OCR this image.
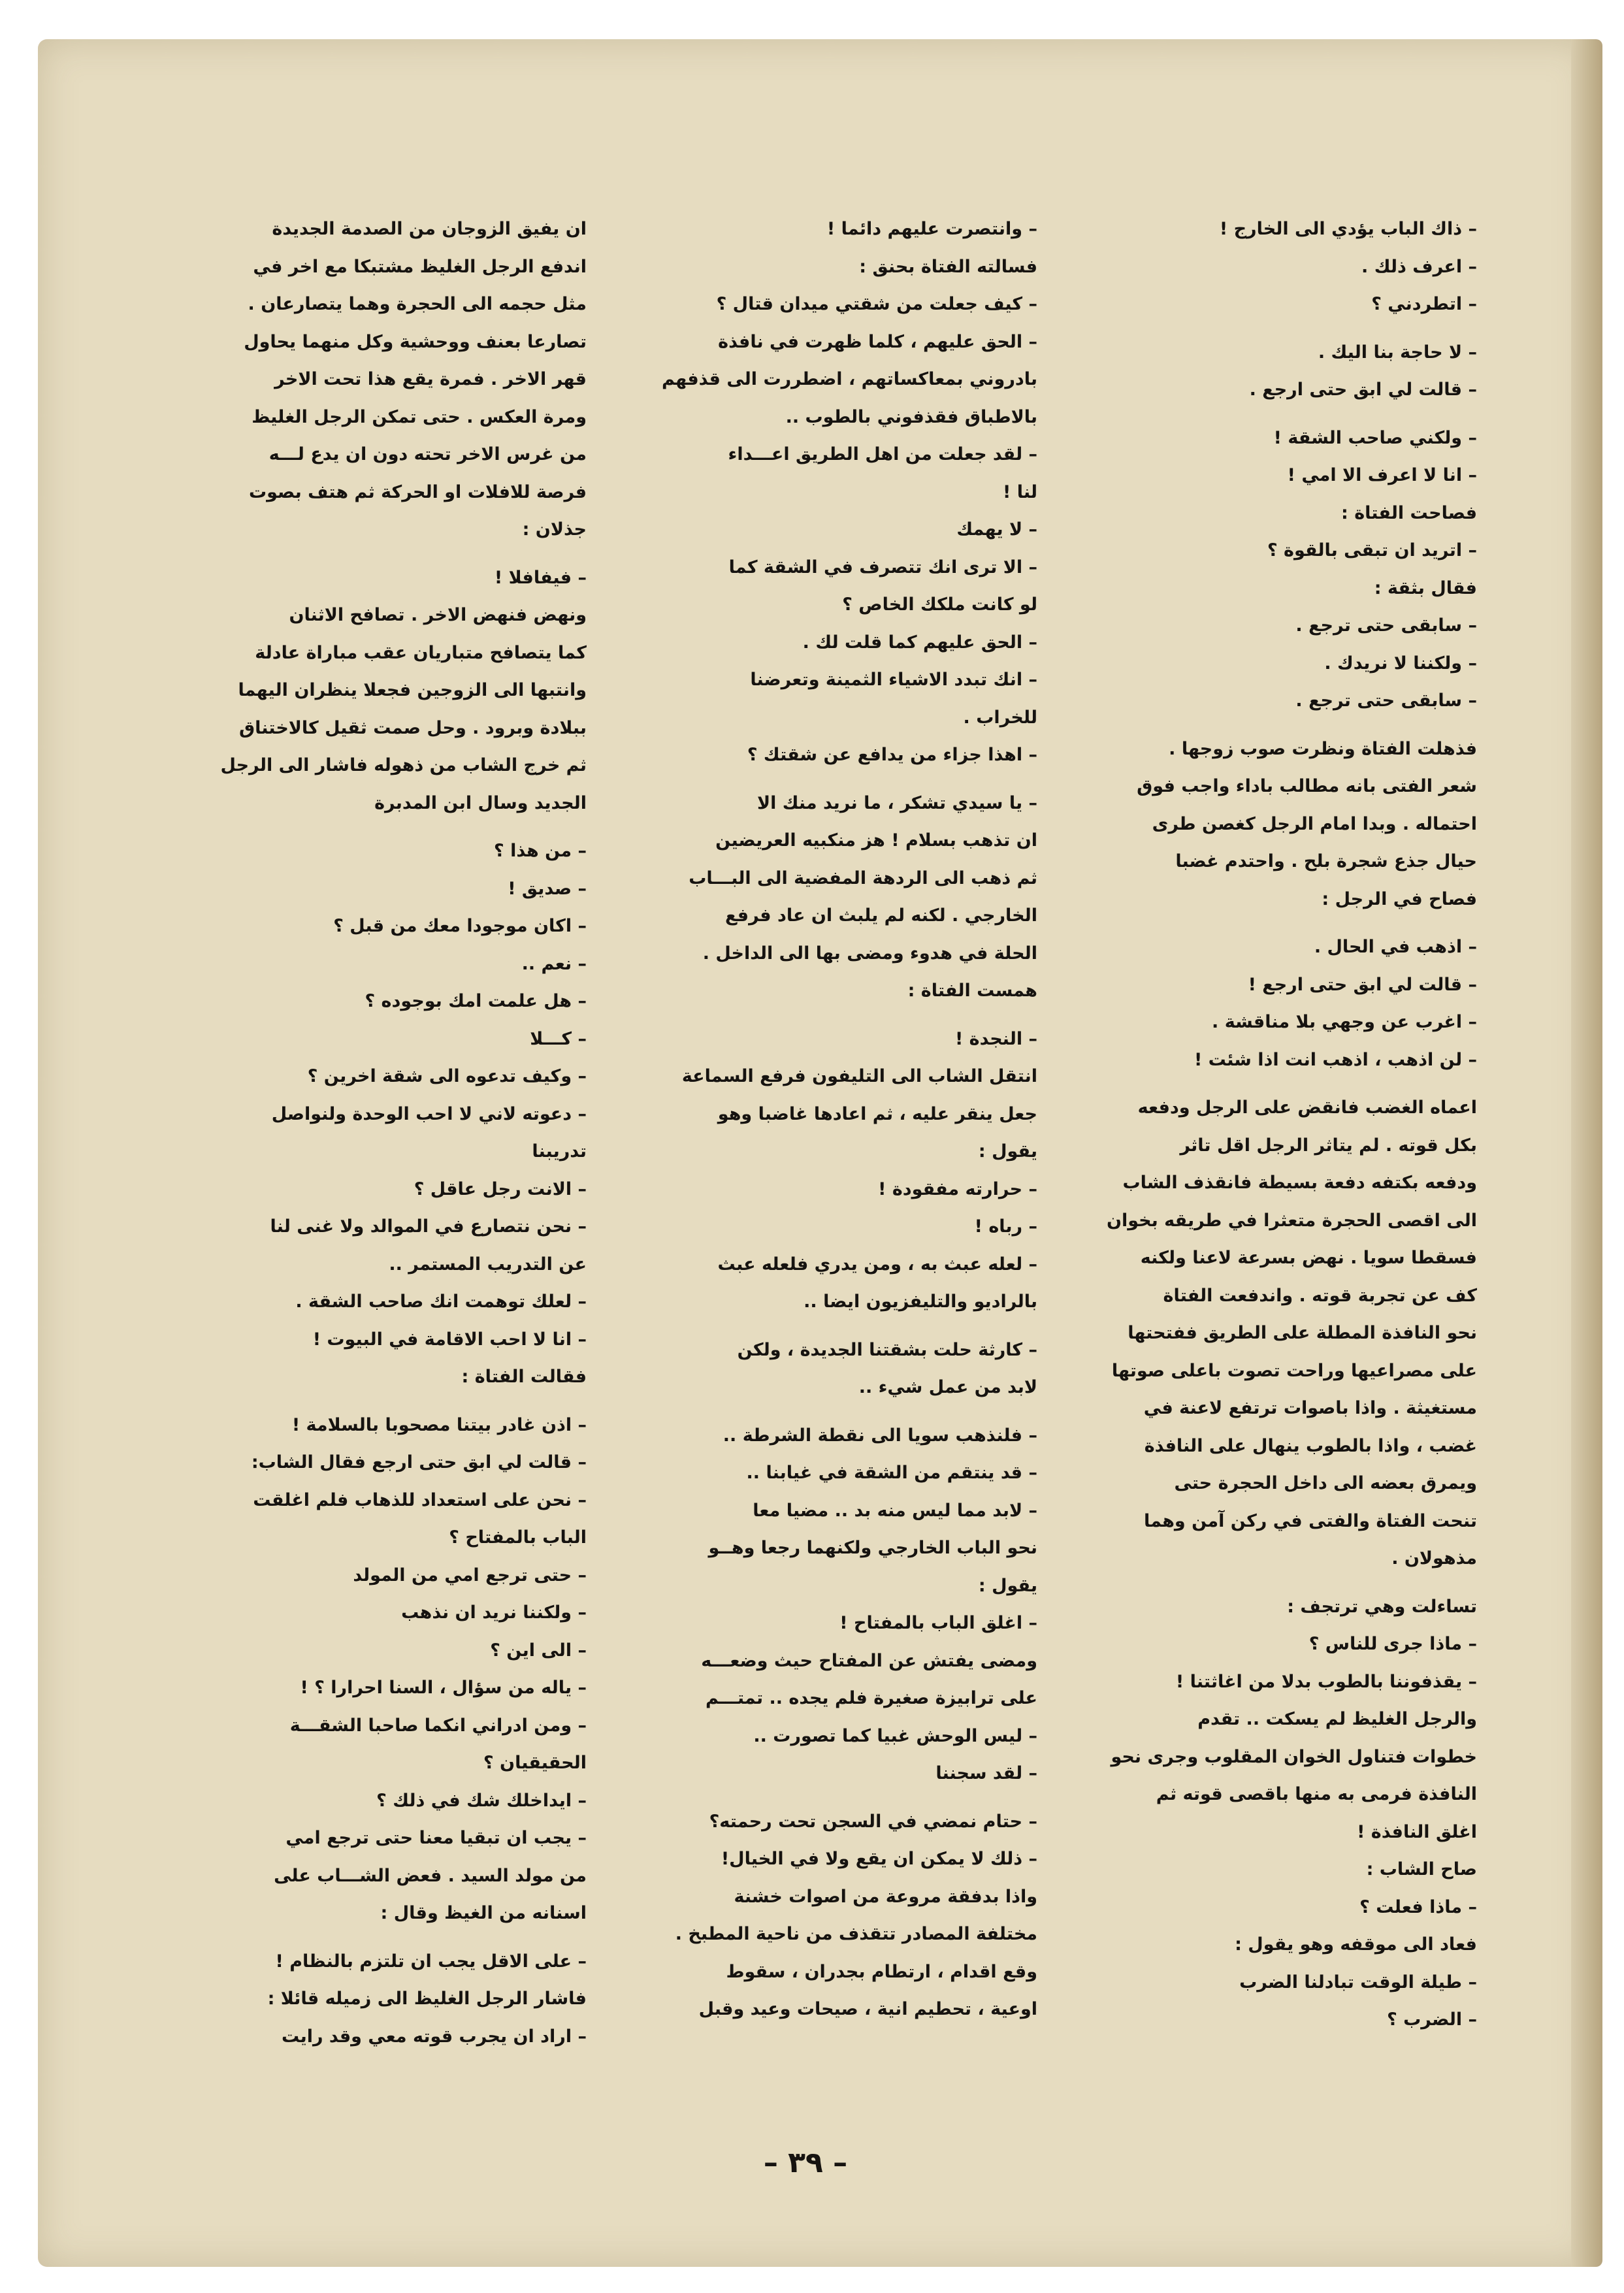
– ذاك الباب يؤدي الى الخارج !
– اعرف ذلك .
– اتطردني ؟
– لا حاجة بنا اليك .
– قالت لي ابق حتى ارجع .
– ولكني صاحب الشقة !
– انا لا اعرف الا امي !
فصاحت الفتاة :
– اتريد ان تبقى بالقوة ؟
فقال بثقة :
– سابقى حتى ترجع .
– ولكننا لا نريدك .
– سابقى حتى ترجع .
فذهلت الفتاة ونظرت صوب زوجها .
شعر الفتى بانه مطالب باداء واجب فوق
احتماله . وبدا امام الرجل كغصن طرى
حيال جذع شجرة بلح . واحتدم غضبا
فصاح في الرجل :
– اذهب في الحال .
– قالت لي ابق حتى ارجع !
– اغرب عن وجهي بلا مناقشة .
– لن اذهب ، اذهب انت اذا شئت !
اعماه الغضب فانقض على الرجل ودفعه
بكل قوته . لم يتاثر الرجل اقل تاثر
ودفعه بكتفه دفعة بسيطة فانقذف الشاب
الى اقصى الحجرة متعثرا في طريقه بخوان
فسقطا سويا . نهض بسرعة لاعنا ولكنه
كف عن تجربة قوته . واندفعت الفتاة
نحو النافذة المطلة على الطريق ففتحتها
على مصراعيها وراحت تصوت باعلى صوتها
مستغيثة . واذا باصوات ترتفع لاعنة في
غضب ، واذا بالطوب ينهال على النافذة
ويمرق بعضه الى داخل الحجرة حتى
تنحت الفتاة والفتى في ركن آمن وهما
مذهولان .
تساءلت وهي ترتجف :
– ماذا جرى للناس ؟
– يقذفوننا بالطوب بدلا من اغاثتنا !
والرجل الغليظ لم يسكت .. تقدم
خطوات فتناول الخوان المقلوب وجرى نحو
النافذة فرمى به منها باقصى قوته ثم
اغلق النافذة !
صاح الشاب :
– ماذا فعلت ؟
فعاد الى موقفه وهو يقول :
– طيلة الوقت تبادلنا الضرب
– الضرب ؟
– وانتصرت عليهم دائما !
فسالته الفتاة بحنق :
– كيف جعلت من شقتي ميدان قتال ؟
– الحق عليهم ، كلما ظهرت في نافذة
بادروني بمعاكساتهم ، اضطررت الى قذفهم
بالاطباق فقذفوني بالطوب ..
– لقد جعلت من اهل الطريق اعـــداء
لنا !
– لا يهمك
– الا ترى انك تتصرف في الشقة كما
لو كانت ملكك الخاص ؟
– الحق عليهم كما قلت لك .
– انك تبدد الاشياء الثمينة وتعرضنا
للخراب .
– اهذا جزاء من يدافع عن شقتك ؟
– يا سيدي تشكر ، ما نريد منك الا
ان تذهب بسلام ! هز منكبيه العريضين
ثم ذهب الى الردهة المفضية الى البـــاب
الخارجي . لكنه لم يلبث ان عاد فرفع
الحلة في هدوء ومضى بها الى الداخل .
همست الفتاة :
– النجدة !
انتقل الشاب الى التليفون فرفع السماعة
جعل ينقر عليه ، ثم اعادها غاضبا وهو
يقول :
– حرارته مفقودة !
– رباه !
– لعله عبث به ، ومن يدري فلعله عبث
بالراديو والتليفزيون ايضا ..
– كارثة حلت بشقتنا الجديدة ، ولكن
لابد من عمل شيء ..
– فلنذهب سويا الى نقطة الشرطة ..
– قد ينتقم من الشقة في غيابنا ..
– لابد مما ليس منه بد .. مضيا معا
نحو الباب الخارجي ولكنهما رجعا وهــو
يقول :
– اغلق الباب بالمفتاح !
ومضى يفتش عن المفتاح حيث وضعـــه
على ترابيزة صغيرة فلم يجده .. تمتـــم
– ليس الوحش غبيا كما تصورت ..
– لقد سجننا
– حتام نمضي في السجن تحت رحمته؟
– ذلك لا يمكن ان يقع ولا في الخيال!
واذا بدفقة مروعة من اصوات خشنة
مختلفة المصادر تتقذف من ناحية المطبخ .
وقع اقدام ، ارتطام بجدران ، سقوط
اوعية ، تحطيم انية ، صيحات وعيد وقبل
ان يفيق الزوجان من الصدمة الجديدة
اندفع الرجل الغليظ مشتبكا مع اخر في
مثل حجمه الى الحجرة وهما يتصارعان .
تصارعا بعنف ووحشية وكل منهما يحاول
قهر الاخر . فمرة يقع هذا تحت الاخر
ومرة العكس . حتى تمكن الرجل الغليظ
من غرس الاخر تحته دون ان يدع لـــه
فرصة للافلات او الحركة ثم هتف بصوت
جذلان :
– فيفافلا !
ونهض فنهض الاخر . تصافح الاثنان
كما يتصافح متباريان عقب مباراة عادلة
وانتبها الى الزوجين فجعلا ينظران اليهما
ببلادة وبرود . وحل صمت ثقيل كالاختناق
ثم خرج الشاب من ذهوله فاشار الى الرجل
الجديد وسال ابن المدبرة
– من هذا ؟
– صديق !
– اكان موجودا معك من قبل ؟
– نعم ..
– هل علمت امك بوجوده ؟
– كـــلا
– وكيف تدعوه الى شقة اخرين ؟
– دعوته لاني لا احب الوحدة ولنواصل
تدريبنا
– الانت رجل عاقل ؟
– نحن نتصارع في الموالد ولا غنى لنا
عن التدريب المستمر ..
– لعلك توهمت انك صاحب الشقة .
– انا لا احب الاقامة في البيوت !
فقالت الفتاة :
– اذن غادر بيتنا مصحوبا بالسلامة !
– قالت لي ابق حتى ارجع فقال الشاب:
– نحن على استعداد للذهاب فلم اغلقت
الباب بالمفتاح ؟
– حتى ترجع امي من المولد
– ولكننا نريد ان نذهب
– الى اين ؟
– ياله من سؤال ، السنا احرارا ؟ !
– ومن ادراني انكما صاحبا الشقـــة
الحقيقيان ؟
– ايداخلك شك في ذلك ؟
– يجب ان تبقيا معنا حتى ترجع امي
من مولد السيد . فعض الشـــاب على
اسنانه من الغيظ وقال :
– على الاقل يجب ان تلتزم بالنظام !
فاشار الرجل الغليظ الى زميله قائلا :
– اراد ان يجرب قوته معي وقد رايت
– ٣٩ –
